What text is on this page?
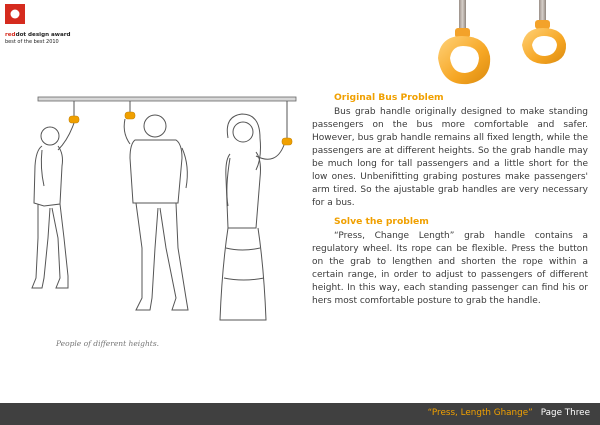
reddot design award
best of the best 2010
People of different heights.
Original Bus Problem

Bus grab handle originally designed to make standing passengers on the bus more comfortable and safer. However, bus grab handle remains all fixed length, while the passengers are at different heights. So the grab handle may be much long for tall passengers and a little short for the low ones. Unbenifitting grabing postures make passengers' arm tired. So the ajustable grab handles are very necessary for a bus.

Solve the problem

“Press, Change Length” grab handle contains a regulatory wheel. Its rope can be flexible. Press the button on the grab to lengthen and shorten the rope within a certain range, in order to adjust to passengers of different height. In this way, each standing passenger can find his or hers most comfortable posture to grab the handle.

“Press, Length Ghange” Page Three
